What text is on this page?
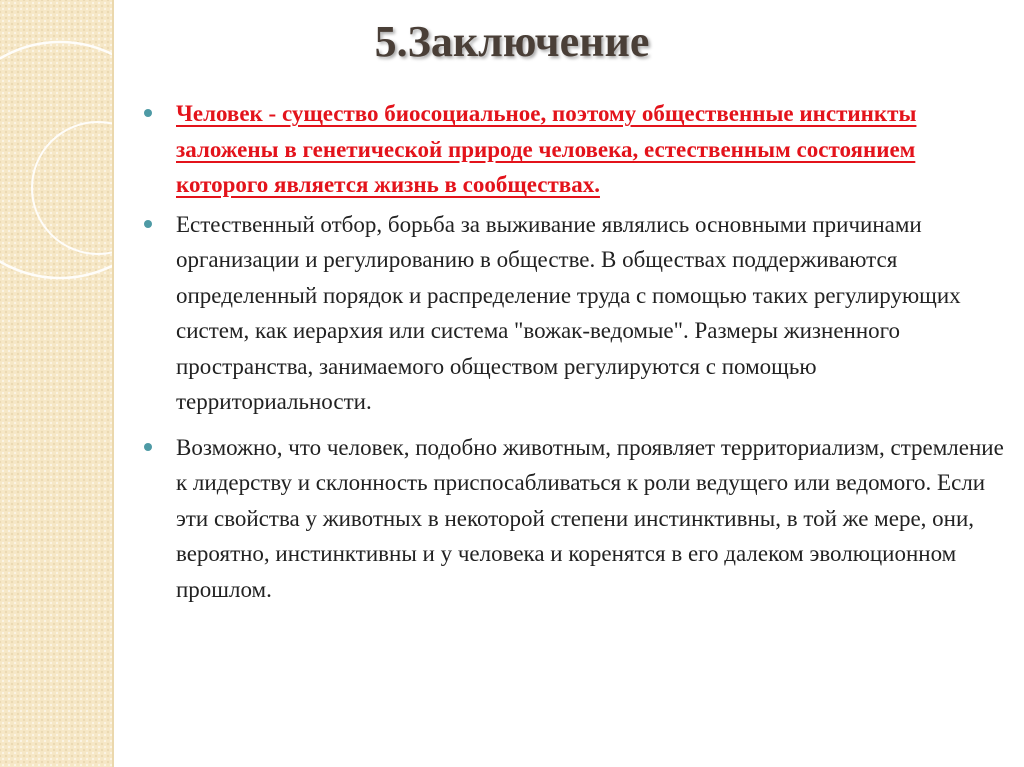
5.Заключение
Человек - существо биосоциальное, поэтому общественные инстинкты заложены в генетической природе человека, естественным состоянием которого является жизнь в сообществах.
Естественный отбор, борьба за выживание являлись основными причинами организации и регулированию в обществе. В обществах поддерживаются определенный порядок и распределение труда с помощью таких регулирующих систем, как иерархия или система "вожак-ведомые". Размеры жизненного пространства, занимаемого обществом регулируются с помощью территориальности.
Возможно, что человек, подобно животным, проявляет территориализм, стремление к лидерству и склонность приспосабливаться к роли ведущего или ведомого. Если эти свойства у животных в некоторой степени инстинктивны, в той же мере, они, вероятно, инстинктивны и у человека и коренятся в его далеком эволюционном прошлом.
